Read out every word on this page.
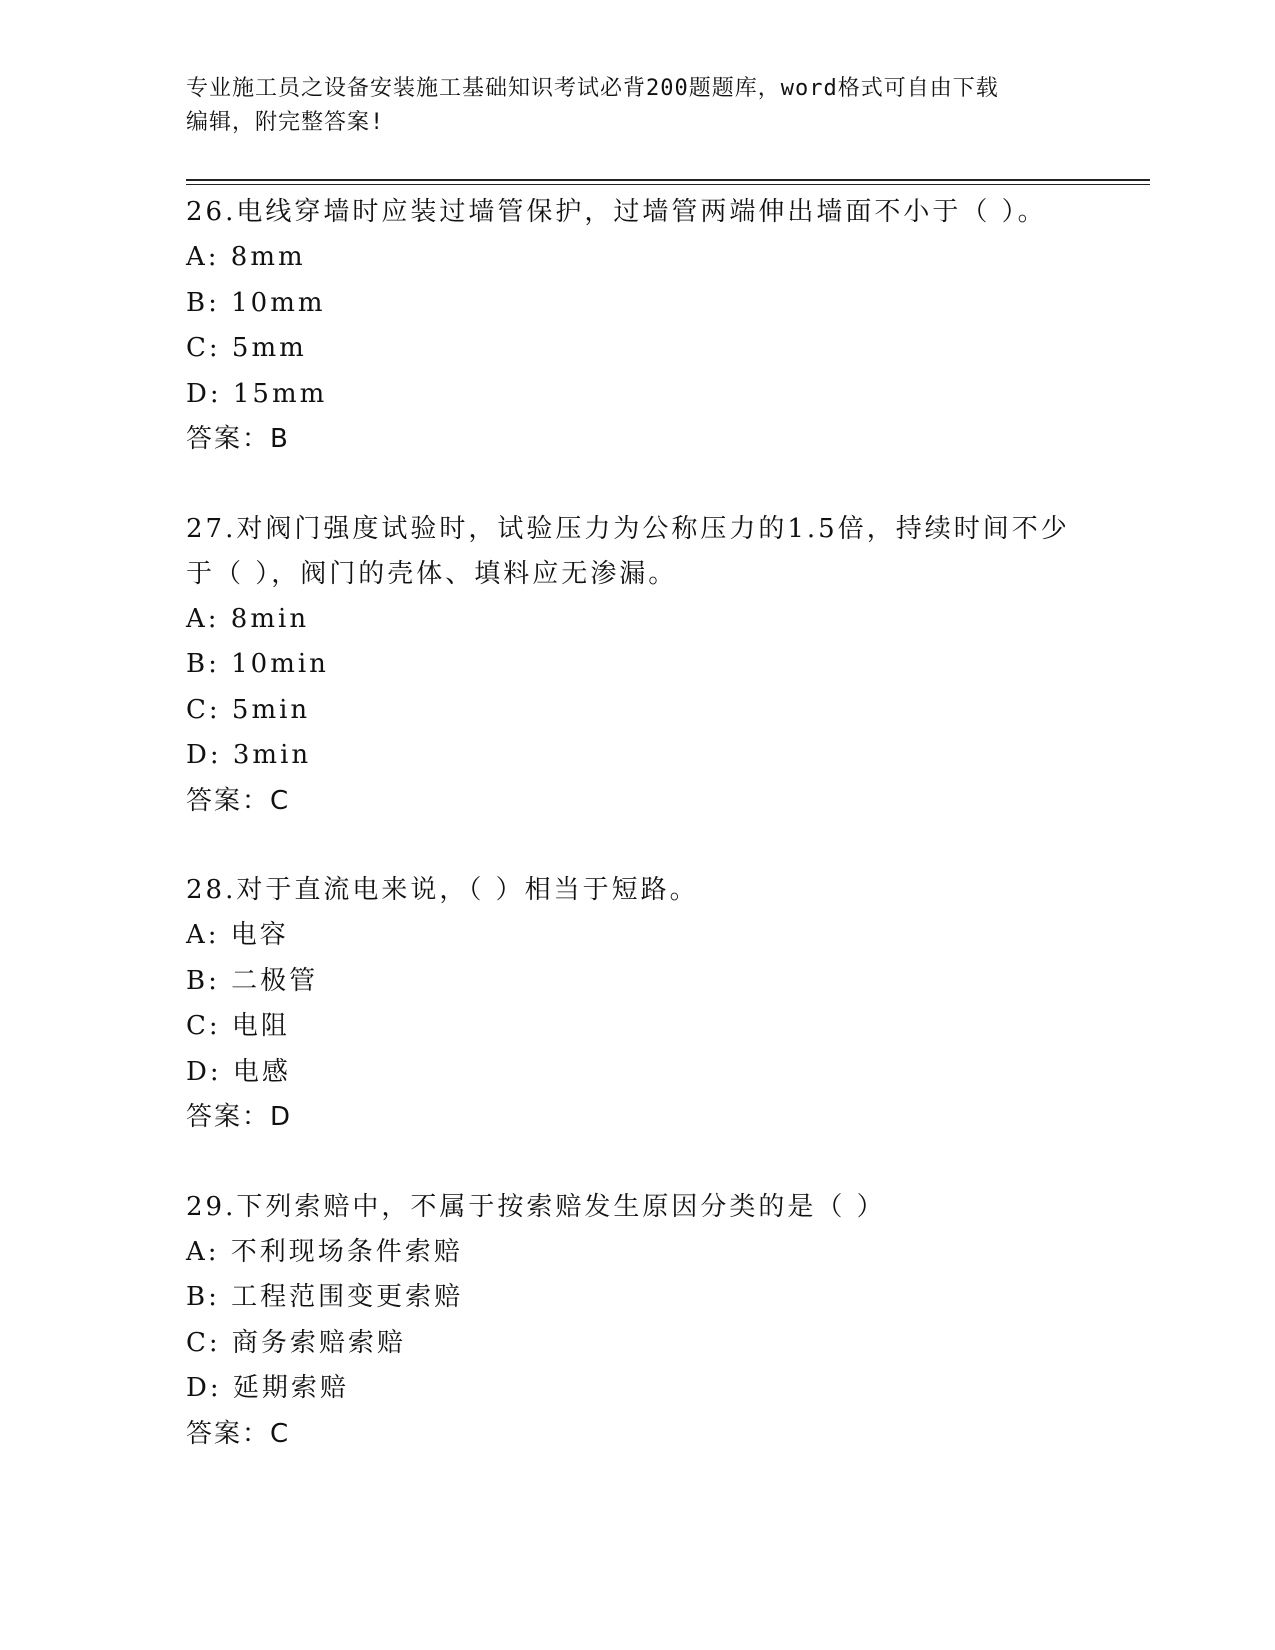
专业施工员之设备安装施工基础知识考试必背200题题库，word格式可自由下载
编辑，附完整答案!

26.电线穿墙时应装过墙管保护，过墙管两端伸出墙面不小于（ ）。

A: 8mm
B: 10mm
C: 5mm
D: 15mm
答案：B

27.对阀门强度试验时，试验压力为公称压力的1.5倍，持续时间不少于（ ），阀门的壳体、填料应无渗漏。

A: 8min
B: 10min
C: 5min
D: 3min
答案：C

28.对于直流电来说，（ ）相当于短路。

A: 电容
B: 二极管
C: 电阻
D: 电感
答案：D

29.下列索赔中，不属于按索赔发生原因分类的是（ ）

A: 不利现场条件索赔
B: 工程范围变更索赔
C: 商务索赔索赔
D: 延期索赔
答案：C
